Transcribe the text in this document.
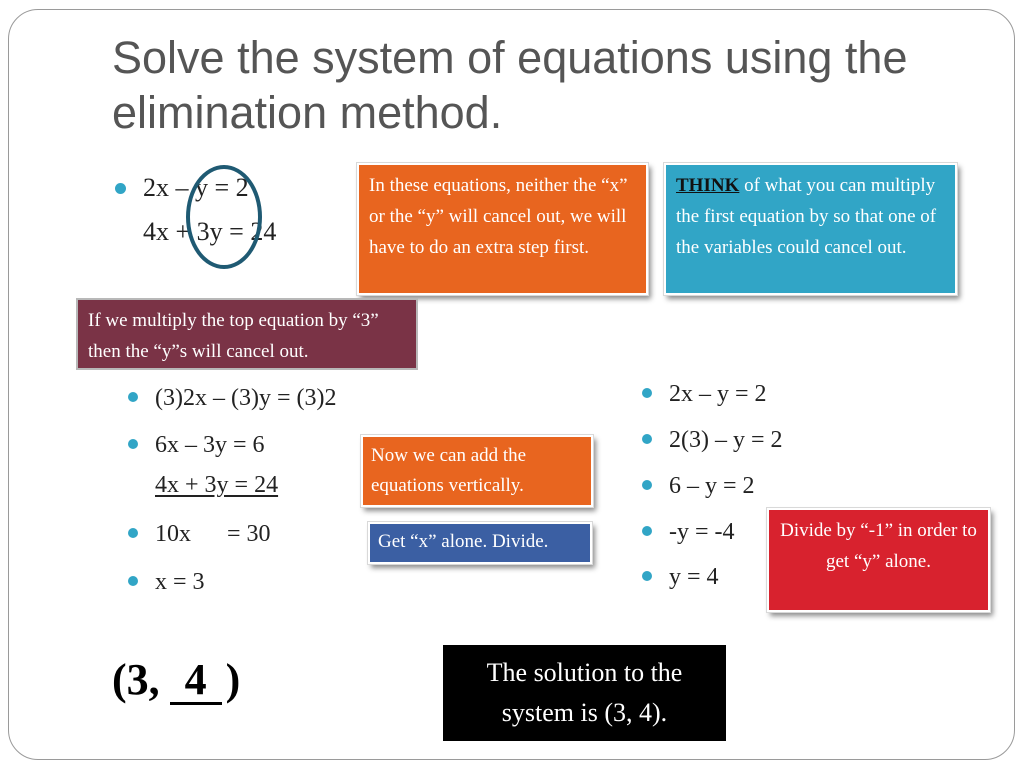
Solve the system of equations using the elimination method.
2x – y = 2
4x + 3y = 24
In these equations, neither the “x” or the “y” will cancel out, we will have to do an extra step first.
THINK of what you can multiply the first equation by so that one of the variables could cancel out.
If we multiply the top equation by “3” then the “y”s will cancel out.
(3)2x – (3)y = (3)2
6x – 3y = 6
4x + 3y = 24
10x      = 30
x = 3
Now we can add the equations vertically.
Get “x” alone. Divide.
2x – y = 2
2(3) – y = 2
6 – y = 2
-y = -4
y = 4
Divide by “-1” in order to get “y” alone.
(3, 4 )	The solution to the system is (3, 4).
